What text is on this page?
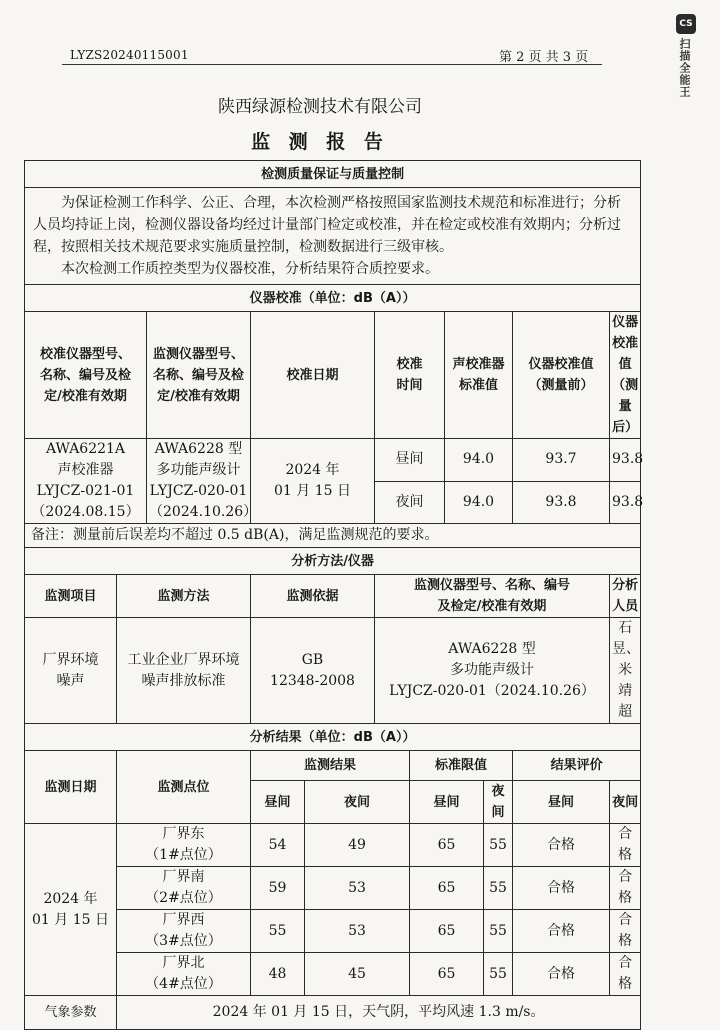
LYZS20240115001	第 2 页 共 3 页
CS
扫描全能王
陕西绿源检测技术有限公司
监 测 报 告
检测质量保证与质量控制										

为保证检测工作科学、公正、合理，本次检测严格按照国家监测技术规范和标准进行；分析人员均持证上岗，检测仪器设备均经过计量部门检定或校准，并在检定或校准有效期内；分析过程，按照相关技术规范要求实施质量控制，检测数据进行三级审核。

本次检测工作质控类型为仪器校准，分析结果符合质控要求。										

仪器校准（单位：dB（A））										

校准仪器型号、
名称、编号及检
定/校准有效期		监测仪器型号、
名称、编号及检
定/校准有效期	校准日期		校准
时间		声校准器
标准值		仪器校准值
（测量前）	仪器校准值
（测量后）

AWA6221A
声校准器
LYJCZ-021-01
（2024.08.15）		AWA6228 型
多功能声级计
LYJCZ-020-01
（2024.10.26）	2024 年
01 月 15 日		昼间		94.0		93.7	93.8
					夜间		94.0		93.8	93.8
备注：测量前后误差均不超过 0.5 dB(A)，满足监测规范的要求。										
分析方法/仪器										
监测项目	监测方法		监测依据		监测仪器型号、名称、编号
及检定/校准有效期					分析人员

厂界环境
噪声	工业企业厂界环境
噪声排放标准		GB
12348-2008		AWA6228 型
多功能声级计
LYJCZ-020-01（2024.10.26）					石昱、米靖超
分析结果（单位：dB（A））										
监测日期	监测点位		监测结果			标准限值			结果评价	
			昼间	夜间		昼间		夜间	昼间	夜间

2024 年
01 月 15 日	厂界东
（1#点位）		54	49		65		55	合格	合格

	厂界南
（2#点位）		59	53		65		55	合格	合格

	厂界西
（3#点位）		55	53		65		55	合格	合格

	厂界北
（4#点位）		48	45		65		55	合格	合格
气象参数	2024 年 01 月 15 日，天气阴，平均风速 1.3 m/s。									
